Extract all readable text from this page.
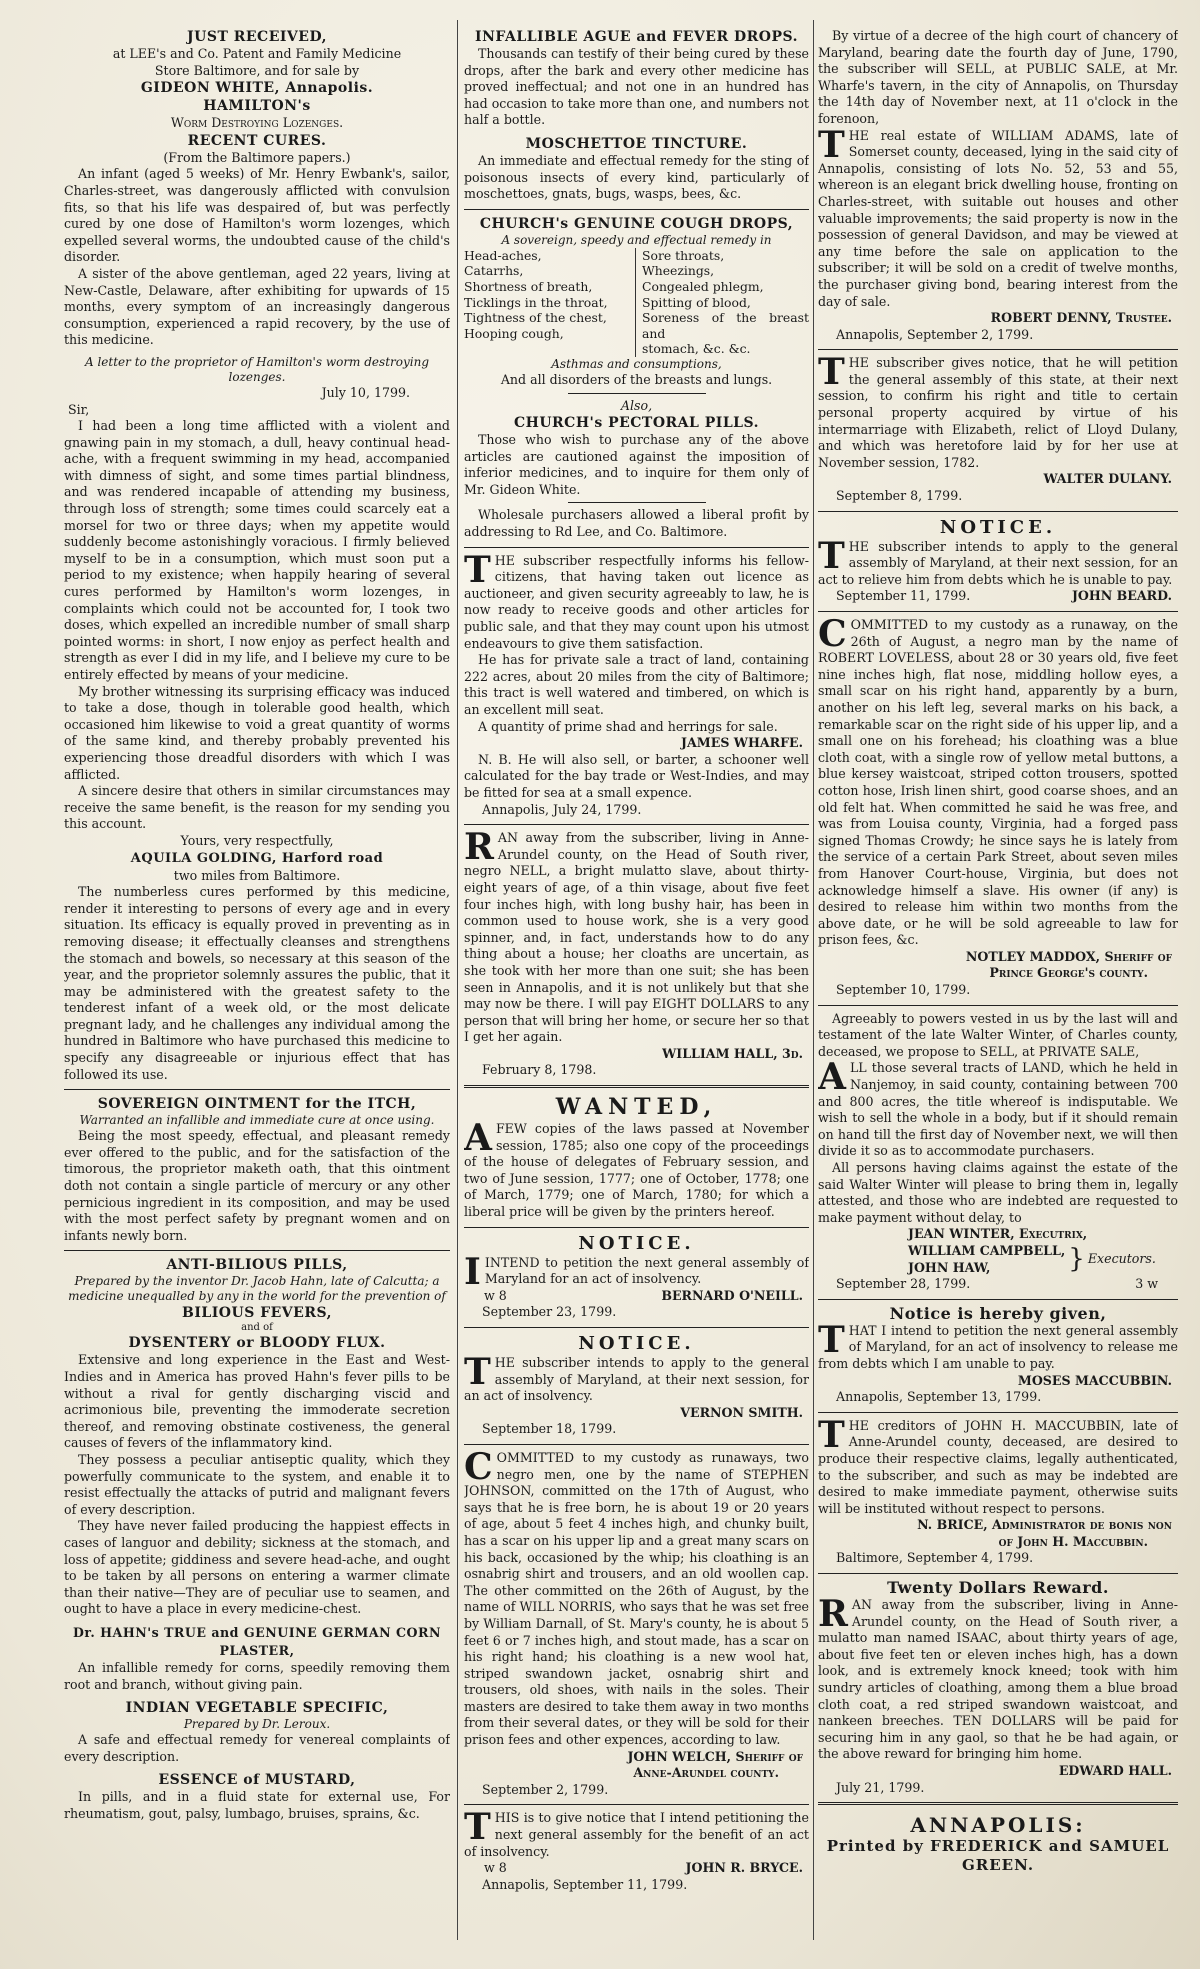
JUST RECEIVED,
at LEE's and Co. Patent and Family Medicine
Store Baltimore, and for sale by
GIDEON WHITE, Annapolis.
HAMILTON's
Worm Destroying Lozenges.
RECENT CURES.
(From the Baltimore papers.)

An infant (aged 5 weeks) of Mr. Henry Ewbank's, sailor, Charles-street, was dangerously afflicted with convulsion fits, so that his life was despaired of, but was perfectly cured by one dose of Hamilton's worm lozenges, which expelled several worms, the undoubted cause of the child's disorder.

A sister of the above gentleman, aged 22 years, living at New-Castle, Delaware, after exhibiting for upwards of 15 months, every symptom of an increasingly dangerous consumption, experienced a rapid recovery, by the use of this medicine.

A letter to the proprietor of Hamilton's worm destroying lozenges.
July 10, 1799.
Sir,

I had been a long time afflicted with a violent and gnawing pain in my stomach, a dull, heavy continual head-ache, with a frequent swimming in my head, accompanied with dimness of sight, and some times partial blindness, and was rendered incapable of attending my business, through loss of strength; some times could scarcely eat a morsel for two or three days; when my appetite would suddenly become astonishingly voracious. I firmly believed myself to be in a consumption, which must soon put a period to my existence; when happily hearing of several cures performed by Hamilton's worm lozenges, in complaints which could not be accounted for, I took two doses, which expelled an incredible number of small sharp pointed worms: in short, I now enjoy as perfect health and strength as ever I did in my life, and I believe my cure to be entirely effected by means of your medicine.

My brother witnessing its surprising efficacy was induced to take a dose, though in tolerable good health, which occasioned him likewise to void a great quantity of worms of the same kind, and thereby probably prevented his experiencing those dreadful disorders with which I was afflicted.

A sincere desire that others in similar circumstances may receive the same benefit, is the reason for my sending you this account.

Yours, very respectfully,
AQUILA GOLDING, Harford road
two miles from Baltimore.

The numberless cures performed by this medicine, render it interesting to persons of every age and in every situation. Its efficacy is equally proved in preventing as in removing disease; it effectually cleanses and strengthens the stomach and bowels, so necessary at this season of the year, and the proprietor solemnly assures the public, that it may be administered with the greatest safety to the tenderest infant of a week old, or the most delicate pregnant lady, and he challenges any individual among the hundred in Baltimore who have purchased this medicine to specify any disagreeable or injurious effect that has followed its use.

SOVEREIGN OINTMENT for the ITCH,
Warranted an infallible and immediate cure at once using.

Being the most speedy, effectual, and pleasant remedy ever offered to the public, and for the satisfaction of the timorous, the proprietor maketh oath, that this ointment doth not contain a single particle of mercury or any other pernicious ingredient in its composition, and may be used with the most perfect safety by pregnant women and on infants newly born.

ANTI-BILIOUS PILLS,
Prepared by the inventor Dr. Jacob Hahn, late of Calcutta; a medicine unequalled by any in the world for the prevention of
BILIOUS FEVERS,
and of
DYSENTERY or BLOODY FLUX.

Extensive and long experience in the East and West-Indies and in America has proved Hahn's fever pills to be without a rival for gently discharging viscid and acrimonious bile, preventing the immoderate secretion thereof, and removing obstinate costiveness, the general causes of fevers of the inflammatory kind.

They possess a peculiar antiseptic quality, which they powerfully communicate to the system, and enable it to resist effectually the attacks of putrid and malignant fevers of every description.

They have never failed producing the happiest effects in cases of languor and debility; sickness at the stomach, and loss of appetite; giddiness and severe head-ache, and ought to be taken by all persons on entering a warmer climate than their native—They are of peculiar use to seamen, and ought to have a place in every medicine-chest.

Dr. HAHN's TRUE and GENUINE GERMAN CORN PLASTER,

An infallible remedy for corns, speedily removing them root and branch, without giving pain.

INDIAN VEGETABLE SPECIFIC,
Prepared by Dr. Leroux.

A safe and effectual remedy for venereal complaints of every description.

ESSENCE of MUSTARD,

In pills, and in a fluid state for external use, For rheumatism, gout, palsy, lumbago, bruises, sprains, &c.

INFALLIBLE AGUE and FEVER DROPS.

Thousands can testify of their being cured by these drops, after the bark and every other medicine has proved ineffectual; and not one in an hundred has had occasion to take more than one, and numbers not half a bottle.

MOSCHETTOE TINCTURE.

An immediate and effectual remedy for the sting of poisonous insects of every kind, particularly of moschettoes, gnats, bugs, wasps, bees, &c.

CHURCH's GENUINE COUGH DROPS,
A sovereign, speedy and effectual remedy in
Head-aches,
Catarrhs,
Shortness of breath,
Ticklings in the throat,
Tightness of the chest,
Hooping cough,
Sore throats,
Wheezings,
Congealed phlegm,
Spitting of blood,
Soreness of the breast and
stomach, &c. &c.
Asthmas and consumptions,
And all disorders of the breasts and lungs.
Also,
CHURCH's PECTORAL PILLS.

Those who wish to purchase any of the above articles are cautioned against the imposition of inferior medicines, and to inquire for them only of Mr. Gideon White.

Wholesale purchasers allowed a liberal profit by addressing to Rd Lee, and Co. Baltimore.

THE subscriber respectfully informs his fellow-citizens, that having taken out licence as auctioneer, and given security agreeably to law, he is now ready to receive goods and other articles for public sale, and that they may count upon his utmost endeavours to give them satisfaction.

He has for private sale a tract of land, containing 222 acres, about 20 miles from the city of Baltimore; this tract is well watered and timbered, on which is an excellent mill seat.

A quantity of prime shad and herrings for sale.

JAMES WHARFE.

N. B. He will also sell, or barter, a schooner well calculated for the bay trade or West-Indies, and may be fitted for sea at a small expence.

Annapolis, July 24, 1799.

RAN away from the subscriber, living in Anne-Arundel county, on the Head of South river, negro NELL, a bright mulatto slave, about thirty-eight years of age, of a thin visage, about five feet four inches high, with long bushy hair, has been in common used to house work, she is a very good spinner, and, in fact, understands how to do any thing about a house; her cloaths are uncertain, as she took with her more than one suit; she has been seen in Annapolis, and it is not unlikely but that she may now be there. I will pay EIGHT DOLLARS to any person that will bring her home, or secure her so that I get her again.

WILLIAM HALL, 3d.
February 8, 1798.
WANTED,

AFEW copies of the laws passed at November session, 1785; also one copy of the proceedings of the house of delegates of February session, and two of June session, 1777; one of October, 1778; one of March, 1779; one of March, 1780; for which a liberal price will be given by the printers hereof.

NOTICE.

IINTEND to petition the next general assembly of Maryland for an act of insolvency.

w 8	BERNARD O'NEILL.
September 23, 1799.
NOTICE.

THE subscriber intends to apply to the general assembly of Maryland, at their next session, for an act of insolvency.

VERNON SMITH.
September 18, 1799.

COMMITTED to my custody as runaways, two negro men, one by the name of STEPHEN JOHNSON, committed on the 17th of August, who says that he is free born, he is about 19 or 20 years of age, about 5 feet 4 inches high, and chunky built, has a scar on his upper lip and a great many scars on his back, occasioned by the whip; his cloathing is an osnabrig shirt and trousers, and an old woollen cap. The other committed on the 26th of August, by the name of WILL NORRIS, who says that he was set free by William Darnall, of St. Mary's county, he is about 5 feet 6 or 7 inches high, and stout made, has a scar on his right hand; his cloathing is a new wool hat, striped swandown jacket, osnabrig shirt and trousers, old shoes, with nails in the soles. Their masters are desired to take them away in two months from their several dates, or they will be sold for their prison fees and other expences, according to law.

JOHN WELCH, Sheriff of
Anne-Arundel county.
September 2, 1799.

THIS is to give notice that I intend petitioning the next general assembly for the benefit of an act of insolvency.

w 8	JOHN R. BRYCE.
Annapolis, September 11, 1799.

By virtue of a decree of the high court of chancery of Maryland, bearing date the fourth day of June, 1790, the subscriber will SELL, at PUBLIC SALE, at Mr. Wharfe's tavern, in the city of Annapolis, on Thursday the 14th day of November next, at 11 o'clock in the forenoon,

THE real estate of WILLIAM ADAMS, late of Somerset county, deceased, lying in the said city of Annapolis, consisting of lots No. 52, 53 and 55, whereon is an elegant brick dwelling house, fronting on Charles-street, with suitable out houses and other valuable improvements; the said property is now in the possession of general Davidson, and may be viewed at any time before the sale on application to the subscriber; it will be sold on a credit of twelve months, the purchaser giving bond, bearing interest from the day of sale.

ROBERT DENNY, Trustee.
Annapolis, September 2, 1799.

THE subscriber gives notice, that he will petition the general assembly of this state, at their next session, to confirm his right and title to certain personal property acquired by virtue of his intermarriage with Elizabeth, relict of Lloyd Dulany, and which was heretofore laid by for her use at November session, 1782.

WALTER DULANY.
September 8, 1799.
NOTICE.

THE subscriber intends to apply to the general assembly of Maryland, at their next session, for an act to relieve him from debts which he is unable to pay.

September 11, 1799.	JOHN BEARD.

COMMITTED to my custody as a runaway, on the 26th of August, a negro man by the name of ROBERT LOVELESS, about 28 or 30 years old, five feet nine inches high, flat nose, middling hollow eyes, a small scar on his right hand, apparently by a burn, another on his left leg, several marks on his back, a remarkable scar on the right side of his upper lip, and a small one on his forehead; his cloathing was a blue cloth coat, with a single row of yellow metal buttons, a blue kersey waistcoat, striped cotton trousers, spotted cotton hose, Irish linen shirt, good coarse shoes, and an old felt hat. When committed he said he was free, and was from Louisa county, Virginia, had a forged pass signed Thomas Crowdy; he since says he is lately from the service of a certain Park Street, about seven miles from Hanover Court-house, Virginia, but does not acknowledge himself a slave. His owner (if any) is desired to release him within two months from the above date, or he will be sold agreeable to law for prison fees, &c.

NOTLEY MADDOX, Sheriff of
Prince George's county.
September 10, 1799.

Agreeably to powers vested in us by the last will and testament of the late Walter Winter, of Charles county, deceased, we propose to SELL, at PRIVATE SALE,

ALL those several tracts of LAND, which he held in Nanjemoy, in said county, containing between 700 and 800 acres, the title whereof is indisputable. We wish to sell the whole in a body, but if it should remain on hand till the first day of November next, we will then divide it so as to accommodate purchasers.

All persons having claims against the estate of the said Walter Winter will please to bring them in, legally attested, and those who are indebted are requested to make payment without delay, to

JEAN WINTER, Executrix,
WILLIAM CAMPBELL,
JOHN HAW,	} Executors.
September 28, 1799.	3 w
Notice is hereby given,

THAT I intend to petition the next general assembly of Maryland, for an act of insolvency to release me from debts which I am unable to pay.

MOSES MACCUBBIN.
Annapolis, September 13, 1799.

THE creditors of JOHN H. MACCUBBIN, late of Anne-Arundel county, deceased, are desired to produce their respective claims, legally authenticated, to the subscriber, and such as may be indebted are desired to make immediate payment, otherwise suits will be instituted without respect to persons.

N. BRICE, Administrator de bonis non
of John H. Maccubbin.
Baltimore, September 4, 1799.
Twenty Dollars Reward.

RAN away from the subscriber, living in Anne-Arundel county, on the Head of South river, a mulatto man named ISAAC, about thirty years of age, about five feet ten or eleven inches high, has a down look, and is extremely knock kneed; took with him sundry articles of cloathing, among them a blue broad cloth coat, a red striped swandown waistcoat, and nankeen breeches. TEN DOLLARS will be paid for securing him in any gaol, so that he be had again, or the above reward for bringing him home.

EDWARD HALL.
July 21, 1799.
ANNAPOLIS:
Printed by FREDERICK and SAMUEL GREEN.
